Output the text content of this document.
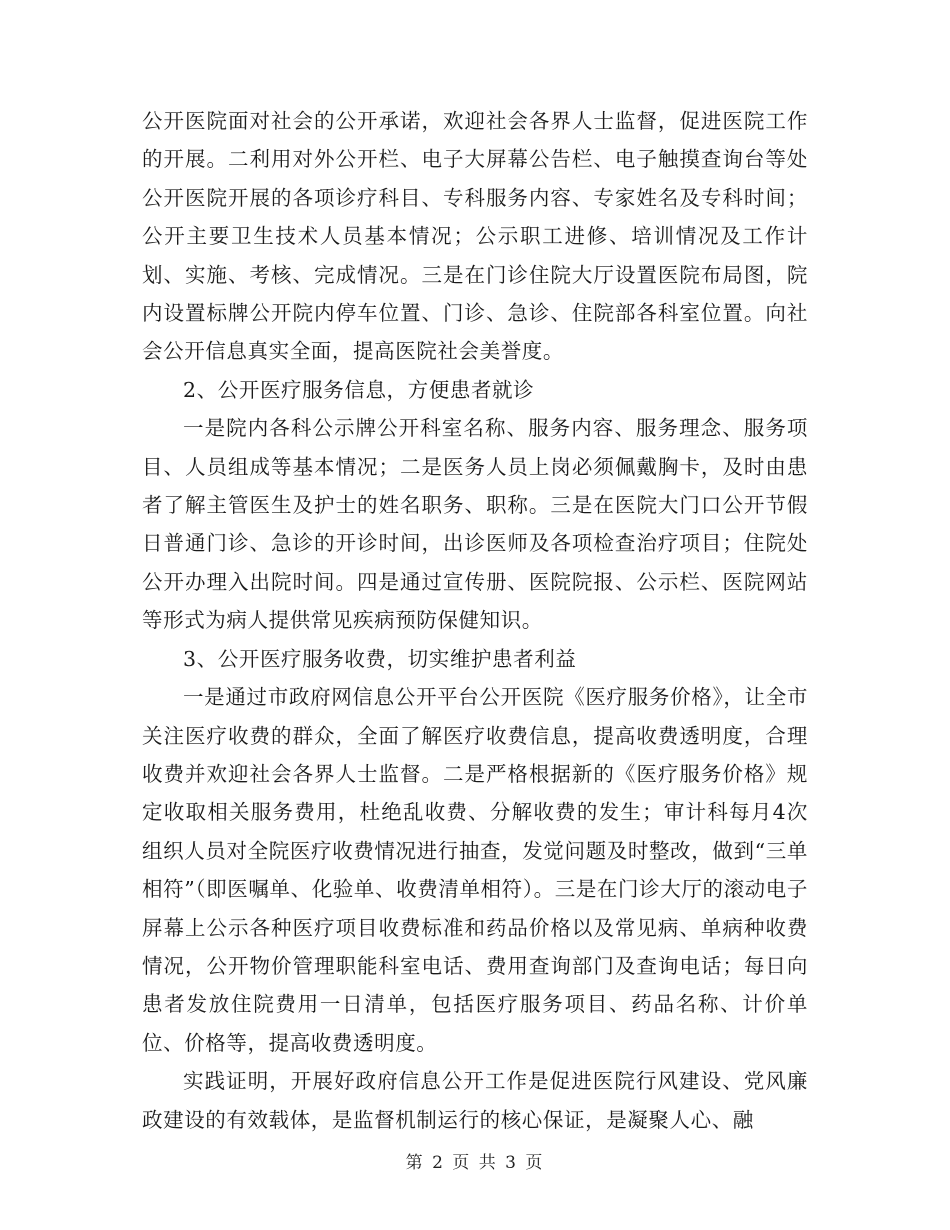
公开医院面对社会的公开承诺，欢迎社会各界人士监督，促进医院工作的开展。二利用对外公开栏、电子大屏幕公告栏、电子触摸查询台等处公开医院开展的各项诊疗科目、专科服务内容、专家姓名及专科时间；公开主要卫生技术人员基本情况；公示职工进修、培训情况及工作计划、实施、考核、完成情况。三是在门诊住院大厅设置医院布局图，院内设置标牌公开院内停车位置、门诊、急诊、住院部各科室位置。向社会公开信息真实全面，提高医院社会美誉度。

2、公开医疗服务信息，方便患者就诊

一是院内各科公示牌公开科室名称、服务内容、服务理念、服务项目、人员组成等基本情况；二是医务人员上岗必须佩戴胸卡，及时由患者了解主管医生及护士的姓名职务、职称。三是在医院大门口公开节假日普通门诊、急诊的开诊时间，出诊医师及各项检查治疗项目；住院处公开办理入出院时间。四是通过宣传册、医院院报、公示栏、医院网站等形式为病人提供常见疾病预防保健知识。

3、公开医疗服务收费，切实维护患者利益

一是通过市政府网信息公开平台公开医院《医疗服务价格》，让全市关注医疗收费的群众，全面了解医疗收费信息，提高收费透明度，合理收费并欢迎社会各界人士监督。二是严格根据新的《医疗服务价格》规定收取相关服务费用，杜绝乱收费、分解收费的发生；审计科每月4次组织人员对全院医疗收费情况进行抽查，发觉问题及时整改，做到“三单相符”（即医嘱单、化验单、收费清单相符）。三是在门诊大厅的滚动电子屏幕上公示各种医疗项目收费标准和药品价格以及常见病、单病种收费情况，公开物价管理职能科室电话、费用查询部门及查询电话；每日向患者发放住院费用一日清单，包括医疗服务项目、药品名称、计价单位、价格等，提高收费透明度。

实践证明，开展好政府信息公开工作是促进医院行风建设、党风廉政建设的有效载体，是监督机制运行的核心保证，是凝聚人心、融

第 2 页 共 3 页
